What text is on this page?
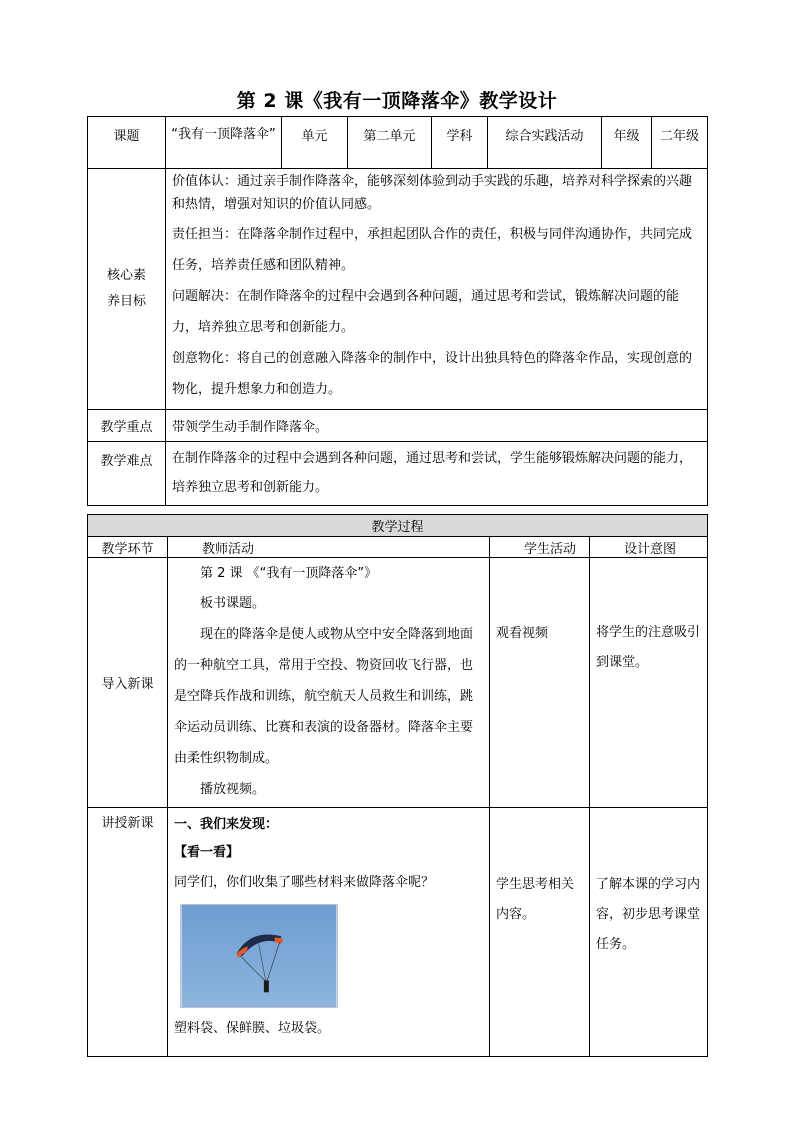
第 2 课《我有一顶降落伞》教学设计
课题	“我有一顶降落伞”	单元	第二单元	学科	综合实践活动	年级	二年级
核心素养目标	价值体认：通过亲手制作降落伞，能够深刻体验到动手实践的乐趣，培养对科学探索的兴趣和热情，增强对知识的价值认同感。
责任担当：在降落伞制作过程中，承担起团队合作的责任，积极与同伴沟通协作，共同完成任务，培养责任感和团队精神。
问题解决：在制作降落伞的过程中会遇到各种问题，通过思考和尝试，锻炼解决问题的能力，培养独立思考和创新能力。
创意物化：将自己的创意融入降落伞的制作中，设计出独具特色的降落伞作品，实现创意的物化，提升想象力和创造力。						

教学重点	带领学生动手制作降落伞。						
教学难点	在制作降落伞的过程中会遇到各种问题，通过思考和尝试，学生能够锻炼解决问题的能力，培养独立思考和创新能力。						
教学过程			
教学环节	教师活动	学生活动	设计意图
导入新课	第 2 课 《“我有一顶降落伞”》
板书课题。
现在的降落伞是使人或物从空中安全降落到地面的一种航空工具，常用于空投、物资回收飞行器，也是空降兵作战和训练，航空航天人员救生和训练，跳伞运动员训练、比赛和表演的设备器材。降落伞主要由柔性织物制成。
播放视频。	观看视频	将学生的注意吸引到课堂。
讲授新课	一、我们来发现：
【看一看】
同学们，你们收集了哪些材料来做降落伞呢？
塑料袋、保鲜膜、垃圾袋。	学生思考相关内容。	了解本课的学习内容，初步思考课堂任务。
